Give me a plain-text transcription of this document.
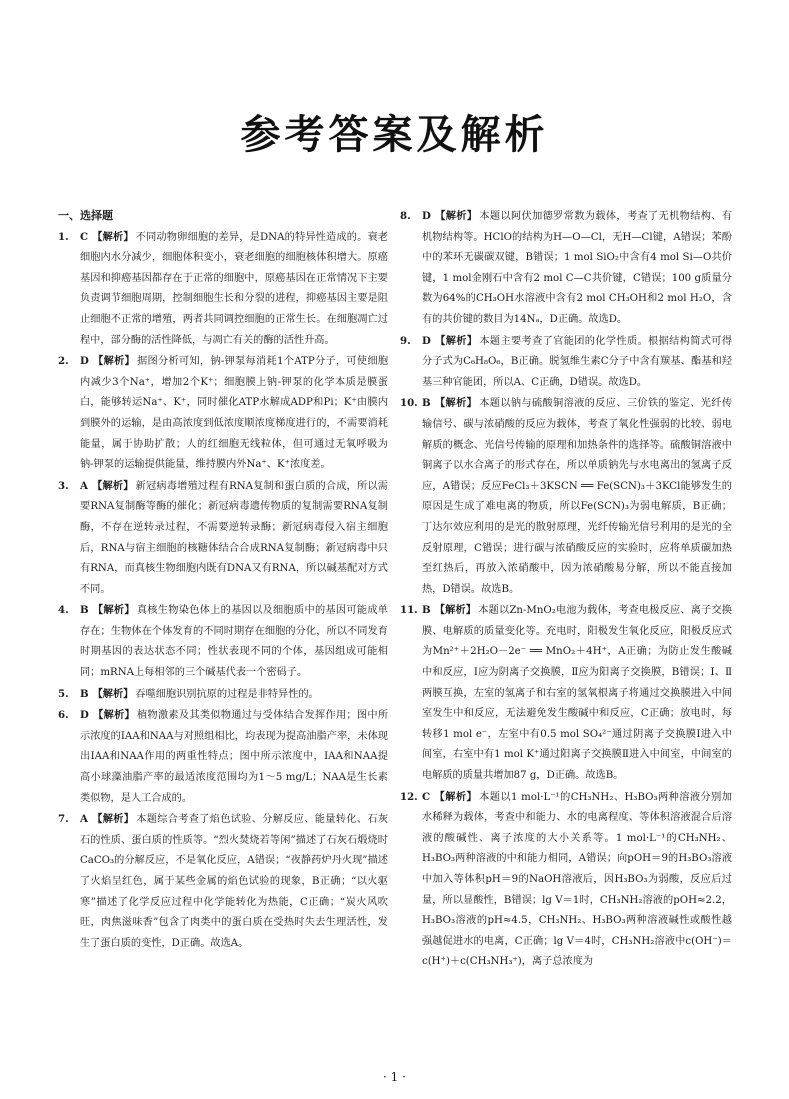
参考答案及解析
一、选择题

1. C 【解析】 不同动物卵细胞的差异，是DNA的特异性造成的。衰老细胞内水分减少，细胞体积变小，衰老细胞的细胞核体积增大。原癌基因和抑癌基因都存在于正常的细胞中，原癌基因在正常情况下主要负责调节细胞周期，控制细胞生长和分裂的进程，抑癌基因主要是阻止细胞不正常的增殖，两者共同调控细胞的正常生长。在细胞凋亡过程中，部分酶的活性降低，与凋亡有关的酶的活性升高。

2. D 【解析】 据图分析可知，钠-钾泵每消耗1个ATP分子，可使细胞内减少3个Na⁺，增加2个K⁺；细胞膜上钠-钾泵的化学本质是膜蛋白，能够转运Na⁺、K⁺，同时催化ATP水解成ADP和Pi；K⁺由膜内到膜外的运输，是由高浓度到低浓度顺浓度梯度进行的，不需要消耗能量，属于协助扩散；人的红细胞无线粒体，但可通过无氧呼吸为钠-钾泵的运输提供能量，维持膜内外Na⁺、K⁺浓度差。

3. A 【解析】 新冠病毒增殖过程有RNA复制和蛋白质的合成，所以需要RNA复制酶等酶的催化；新冠病毒遗传物质的复制需要RNA复制酶，不存在逆转录过程，不需要逆转录酶；新冠病毒侵入宿主细胞后，RNA与宿主细胞的核糖体结合合成RNA复制酶；新冠病毒中只有RNA，而真核生物细胞内既有DNA又有RNA，所以碱基配对方式不同。

4. B 【解析】 真核生物染色体上的基因以及细胞质中的基因可能成单存在；生物体在个体发育的不同时期存在细胞的分化，所以不同发育时期基因的表达状态不同；性状表现不同的个体，基因组成可能相同；mRNA上每相邻的三个碱基代表一个密码子。

5. B 【解析】 吞噬细胞识别抗原的过程是非特异性的。

6. D 【解析】 植物激素及其类似物通过与受体结合发挥作用；图中所示浓度的IAA和NAA与对照组相比，均表现为提高油脂产率，未体现出IAA和NAA作用的两重性特点；图中所示浓度中，IAA和NAA提高小球藻油脂产率的最适浓度范围均为1～5 mg/L；NAA是生长素类似物，是人工合成的。

7. A 【解析】 本题综合考查了焰色试验、分解反应、能量转化、石灰石的性质、蛋白质的性质等。“烈火焚烧若等闲”描述了石灰石煅烧时CaCO₃的分解反应，不是氧化反应，A错误；“夜静药炉丹火现”描述了火焰呈红色，属于某些金属的焰色试验的现象，B正确；“以火驱寒”描述了化学反应过程中化学能转化为热能，C正确；“炭火风吹旺，肉焦滋味香”包含了肉类中的蛋白质在受热时失去生理活性，发生了蛋白质的变性，D正确。故选A。

8. D 【解析】 本题以阿伏加德罗常数为载体，考查了无机物结构、有机物结构等。HClO的结构为H—O—Cl，无H—Cl键，A错误；苯酚中的苯环无碳碳双键，B错误；1 mol SiO₂中含有4 mol Si—O共价键，1 mol金刚石中含有2 mol C—C共价键，C错误；100 g质量分数为64%的CH₃OH水溶液中含有2 mol CH₃OH和2 mol H₂O，含有的共价键的数目为14Nₐ，D正确。故选D。

9. D 【解析】 本题主要考查了官能团的化学性质。根据结构简式可得分子式为C₆H₈O₆，B正确。脱氢维生素C分子中含有羰基、酯基和羟基三种官能团，所以A、C正确，D错误。故选D。

10. B 【解析】 本题以钠与硫酸铜溶液的反应、三价铁的鉴定、光纤传输信号、碳与浓硝酸的反应为载体，考查了氧化性强弱的比较、弱电解质的概念、光信号传输的原理和加热条件的选择等。硫酸铜溶液中铜离子以水合离子的形式存在，所以单质钠先与水电离出的氢离子反应，A错误；反应FeCl₃＋3KSCN ══ Fe(SCN)₃＋3KCl能够发生的原因是生成了难电离的物质，所以Fe(SCN)₃为弱电解质，B正确；丁达尔效应利用的是光的散射原理，光纤传输光信号利用的是光的全反射原理，C错误；进行碳与浓硝酸反应的实验时，应将单质碳加热至红热后，再放入浓硝酸中，因为浓硝酸易分解，所以不能直接加热，D错误。故选B。

11. B 【解析】 本题以Zn-MnO₂电池为载体，考查电极反应、离子交换膜、电解质的质量变化等。充电时，阳极发生氧化反应，阳极反应式为Mn²⁺＋2H₂O－2e⁻ ══ MnO₂＋4H⁺，A正确；为防止发生酸碱中和反应，Ⅰ应为阴离子交换膜，Ⅱ应为阳离子交换膜，B错误；Ⅰ、Ⅱ两膜互换，左室的氢离子和右室的氢氧根离子将通过交换膜进入中间室发生中和反应，无法避免发生酸碱中和反应，C正确；放电时，每转移1 mol e⁻，左室中有0.5 mol SO₄²⁻通过阴离子交换膜Ⅰ进入中间室，右室中有1 mol K⁺通过阳离子交换膜Ⅱ进入中间室，中间室的电解质的质量共增加87 g，D正确。故选B。

12. C 【解析】 本题以1 mol·L⁻¹的CH₃NH₂、H₃BO₃两种溶液分别加水稀释为载体，考查中和能力、水的电离程度、等体积溶液混合后溶液的酸碱性、离子浓度的大小关系等。1 mol·L⁻¹的CH₃NH₂、H₃BO₃两种溶液的中和能力相同，A错误；向pOH＝9的H₃BO₃溶液中加入等体积pH＝9的NaOH溶液后，因H₃BO₃为弱酸，反应后过量，所以显酸性，B错误；lg V＝1时，CH₃NH₂溶液的pOH≈2.2，H₃BO₃溶液的pH≈4.5，CH₃NH₂、H₃BO₃两种溶液碱性或酸性越强越促进水的电离，C正确；lg V＝4时，CH₃NH₂溶液中c(OH⁻)＝c(H⁺)＋c(CH₃NH₃⁺)，离子总浓度为

· 1 ·
